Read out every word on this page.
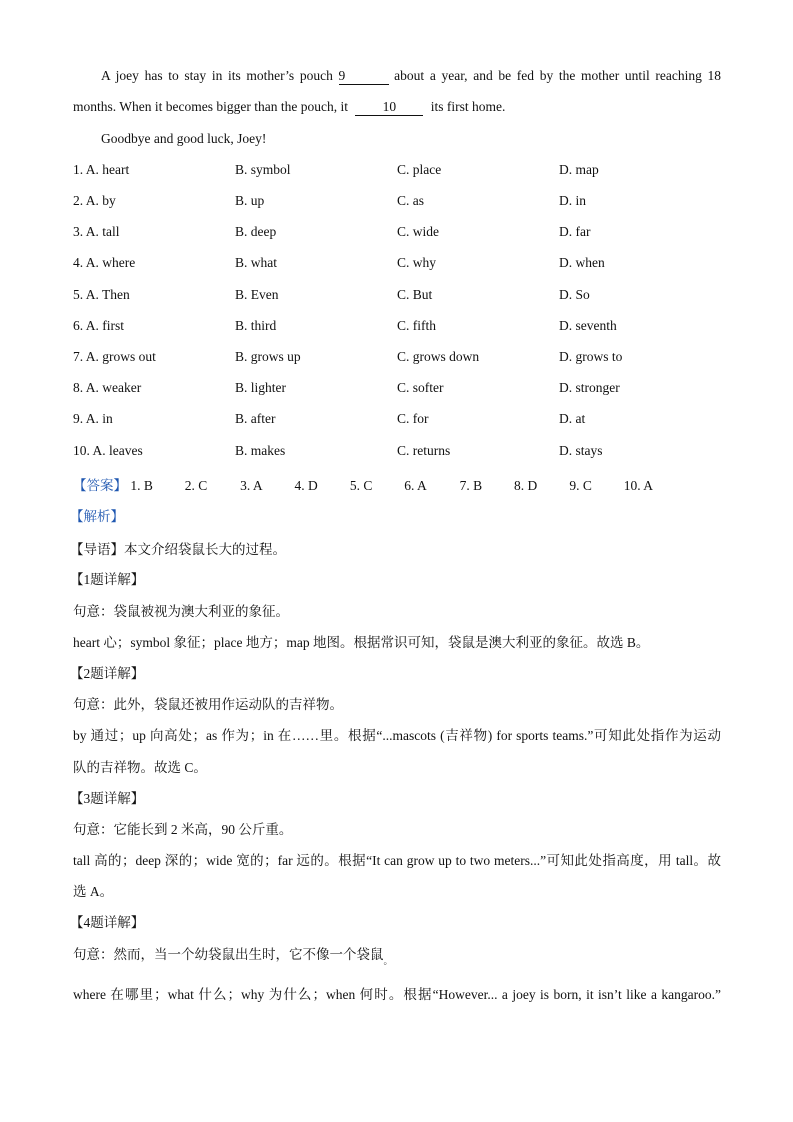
A joey has to stay in its mother’s pouch 9	about a year, and be fed by the mother until reaching 18
months. When it becomes bigger than the pouch, it	10	its first home.
Goodbye and good luck, Joey!
1. A. heart	B. symbol	C. place	D. map
2. A. by	B. up	C. as	D. in
3. A. tall	B. deep	C. wide	D. far
4. A. where	B. what	C. why	D. when
5. A. Then	B. Even	C. But	D. So
6. A. first	B. third	C. fifth	D. seventh
7. A. grows out	B. grows up	C. grows down	D. grows to
8. A. weaker	B. lighter	C. softer	D. stronger
9. A. in	B. after	C. for	D. at
10. A. leaves	B. makes	C. returns	D. stays
【答案】 1. B 2. C 3. A 4. D 5. C 6. A 7. B 8. D 9. C 10. A
【解析】
【导语】本文介绍袋鼠长大的过程。
【1题详解】
句意：袋鼠被视为澳大利亚的象征。
heart 心；symbol 象征；place 地方；map 地图。根据常识可知，袋鼠是澳大利亚的象征。故选 B。
【2题详解】
句意：此外，袋鼠还被用作运动队的吉祥物。
by 通过；up 向高处；as 作为；in 在……里。根据“...mascots (吉祥物) for sports teams.”可知此处指作为运动
队的吉祥物。故选 C。
【3题详解】
句意：它能长到 2 米高，90 公斤重。
tall 高的；deep 深的；wide 宽的；far 远的。根据“It can grow up to two meters...”可知此处指高度，用 tall。故
选 A。
【4题详解】
句意：然而，当一个幼袋鼠出生时，它不像一个袋鼠$_。$
where 在哪里；what 什么；why 为什么；when 何时。根据“However... a joey is born, it isn’t like a kangaroo.”
